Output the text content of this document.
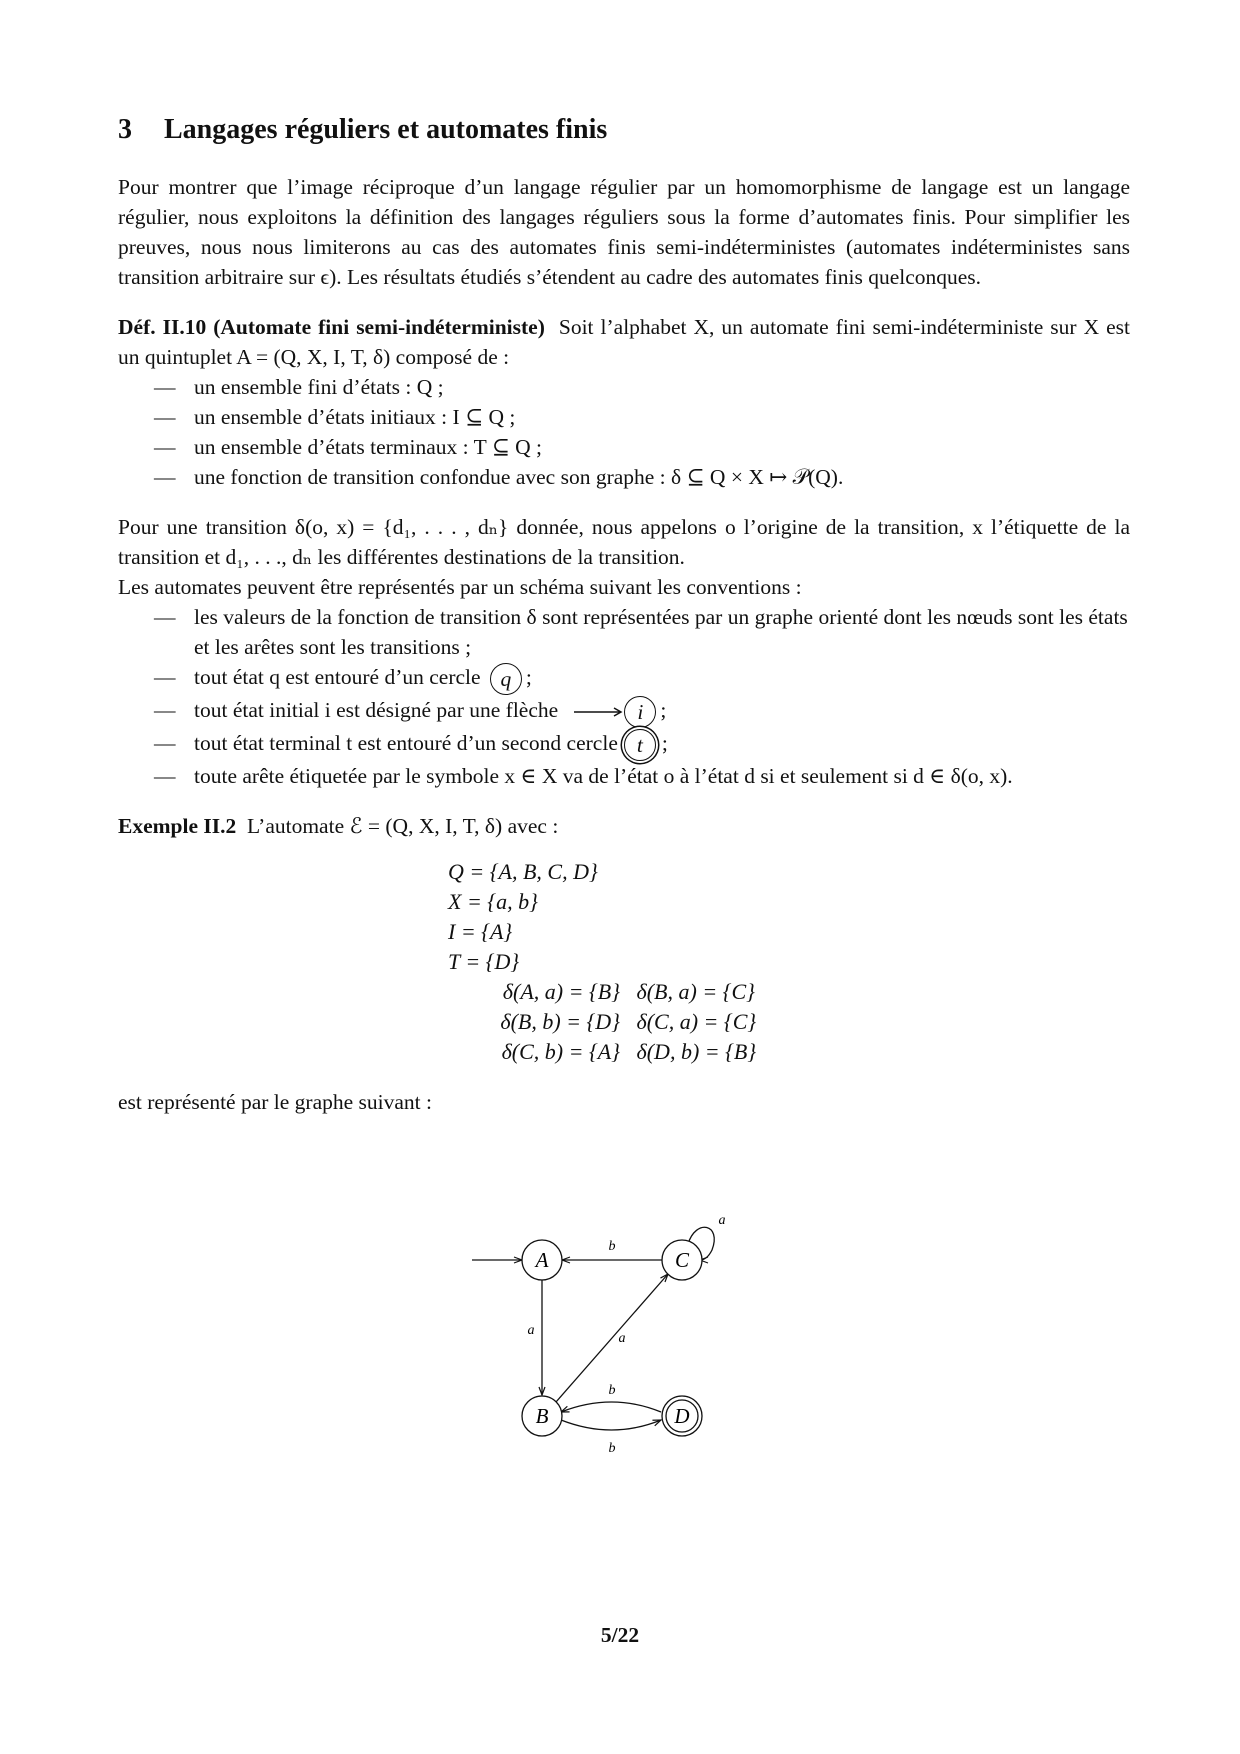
3 Langages réguliers et automates finis

Pour montrer que l’image réciproque d’un langage régulier par un homomorphisme de langage est un langage régulier, nous exploitons la définition des langages réguliers sous la forme d’automates finis. Pour simplifier les preuves, nous nous limiterons au cas des automates finis semi-indéterministes (automates indéterministes sans transition arbitraire sur ϵ). Les résultats étudiés s’étendent au cadre des automates finis quelconques.

Déf. II.10 (Automate fini semi-indéterministe) Soit l’alphabet X, un automate fini semi-indéterministe sur X est un quintuplet A = (Q, X, I, T, δ) composé de :

— un ensemble fini d’états : Q ;
— un ensemble d’états initiaux : I ⊆ Q ;
— un ensemble d’états terminaux : T ⊆ Q ;
— une fonction de transition confondue avec son graphe : δ ⊆ Q × X ↦ 𝒫(Q).

Pour une transition δ(o, x) = {d₁, . . . , dₙ} donnée, nous appelons o l’origine de la transition, x l’étiquette de la transition et d₁, . . ., dₙ les différentes destinations de la transition.

Les automates peuvent être représentés par un schéma suivant les conventions :

— les valeurs de la fonction de transition δ sont représentées par un graphe orienté dont les nœuds sont les états et les arêtes sont les transitions ;
— tout état q est entouré d’un cercle q ;
— tout état initial i est désigné par une flèche	i ;
— tout état terminal t est entouré d’un second cercle t ;
— toute arête étiquetée par le symbole x ∈ X va de l’état o à l’état d si et seulement si d ∈ δ(o, x).

Exemple II.2 L’automate ℰ = (Q, X, I, T, δ) avec :

Q = {A, B, C, D}
X = {a, b}
I = {A}
T = {D}
δ(A, a) = {B} δ(B, a) = {C}
δ(B, b) = {D} δ(C, a) = {C}
δ(C, b) = {A} δ(D, b) = {B}

est représenté par le graphe suivant :

b
a
a
a
b
b
A	C
B	D
5/22
